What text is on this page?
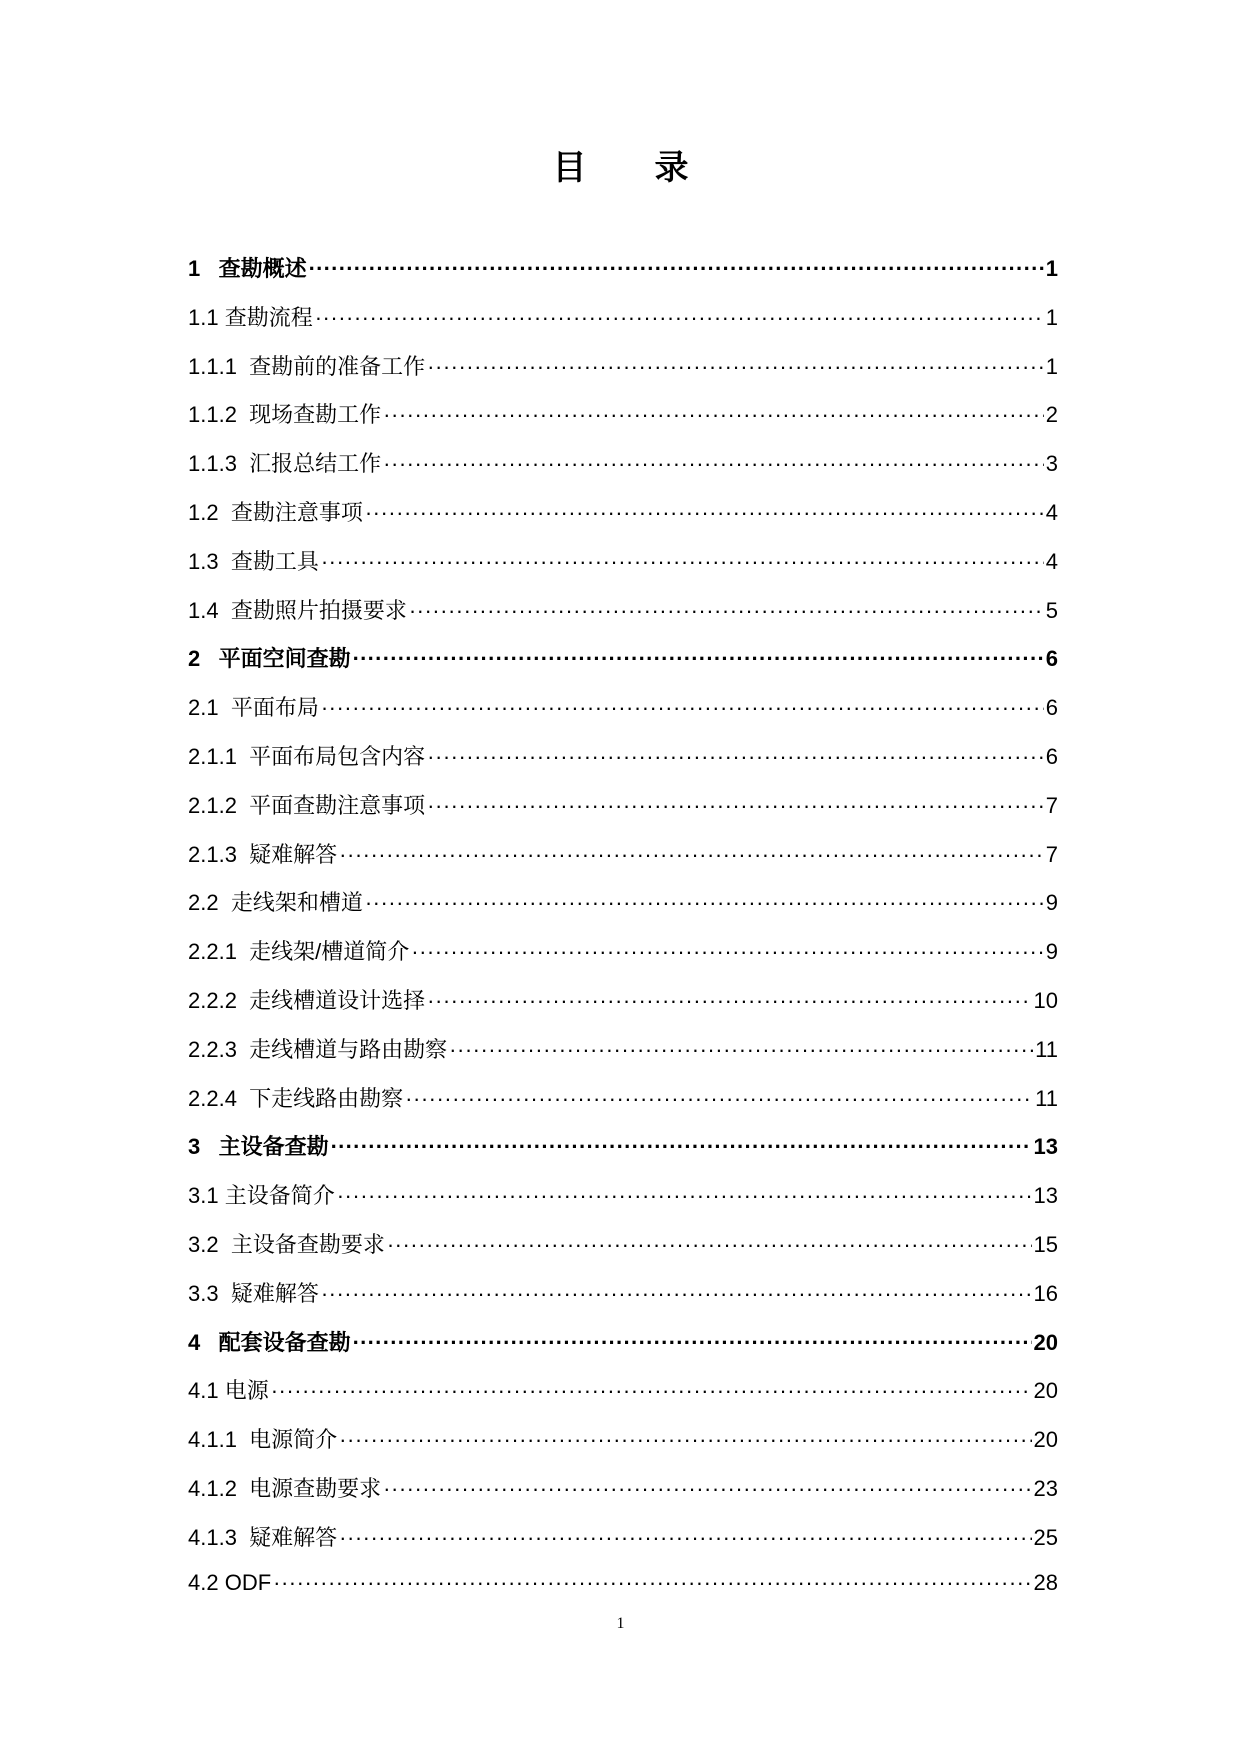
目 录
1 查勘概述 ·····	1
1.1 查勘流程 ·····	1
1.1.1 查勘前的准备工作 ·····	1
1.1.2 现场查勘工作 ·····	2
1.1.3 汇报总结工作 ·····	3
1.2 查勘注意事项 ·····	4
1.3 查勘工具 ·····	4
1.4 查勘照片拍摄要求 ·····	5
2 平面空间查勘 ·····	6
2.1 平面布局 ·····	6
2.1.1 平面布局包含内容 ·····	6
2.1.2 平面查勘注意事项 ·····	7
2.1.3 疑难解答 ·····	7
2.2 走线架和槽道 ·····	9
2.2.1 走线架/槽道简介 ·····	9
2.2.2 走线槽道设计选择 ·····	10
2.2.3 走线槽道与路由勘察 ·····	11
2.2.4 下走线路由勘察 ·····	11
3 主设备查勘 ·····	13
3.1 主设备简介 ·····	13
3.2 主设备查勘要求 ·····	15
3.3 疑难解答 ·····	16
4 配套设备查勘 ·····	20
4.1 电源 ·····	20
4.1.1 电源简介 ·····	20
4.1.2 电源查勘要求 ·····	23
4.1.3 疑难解答 ·····	25
4.2 ODF ·····	28
1
